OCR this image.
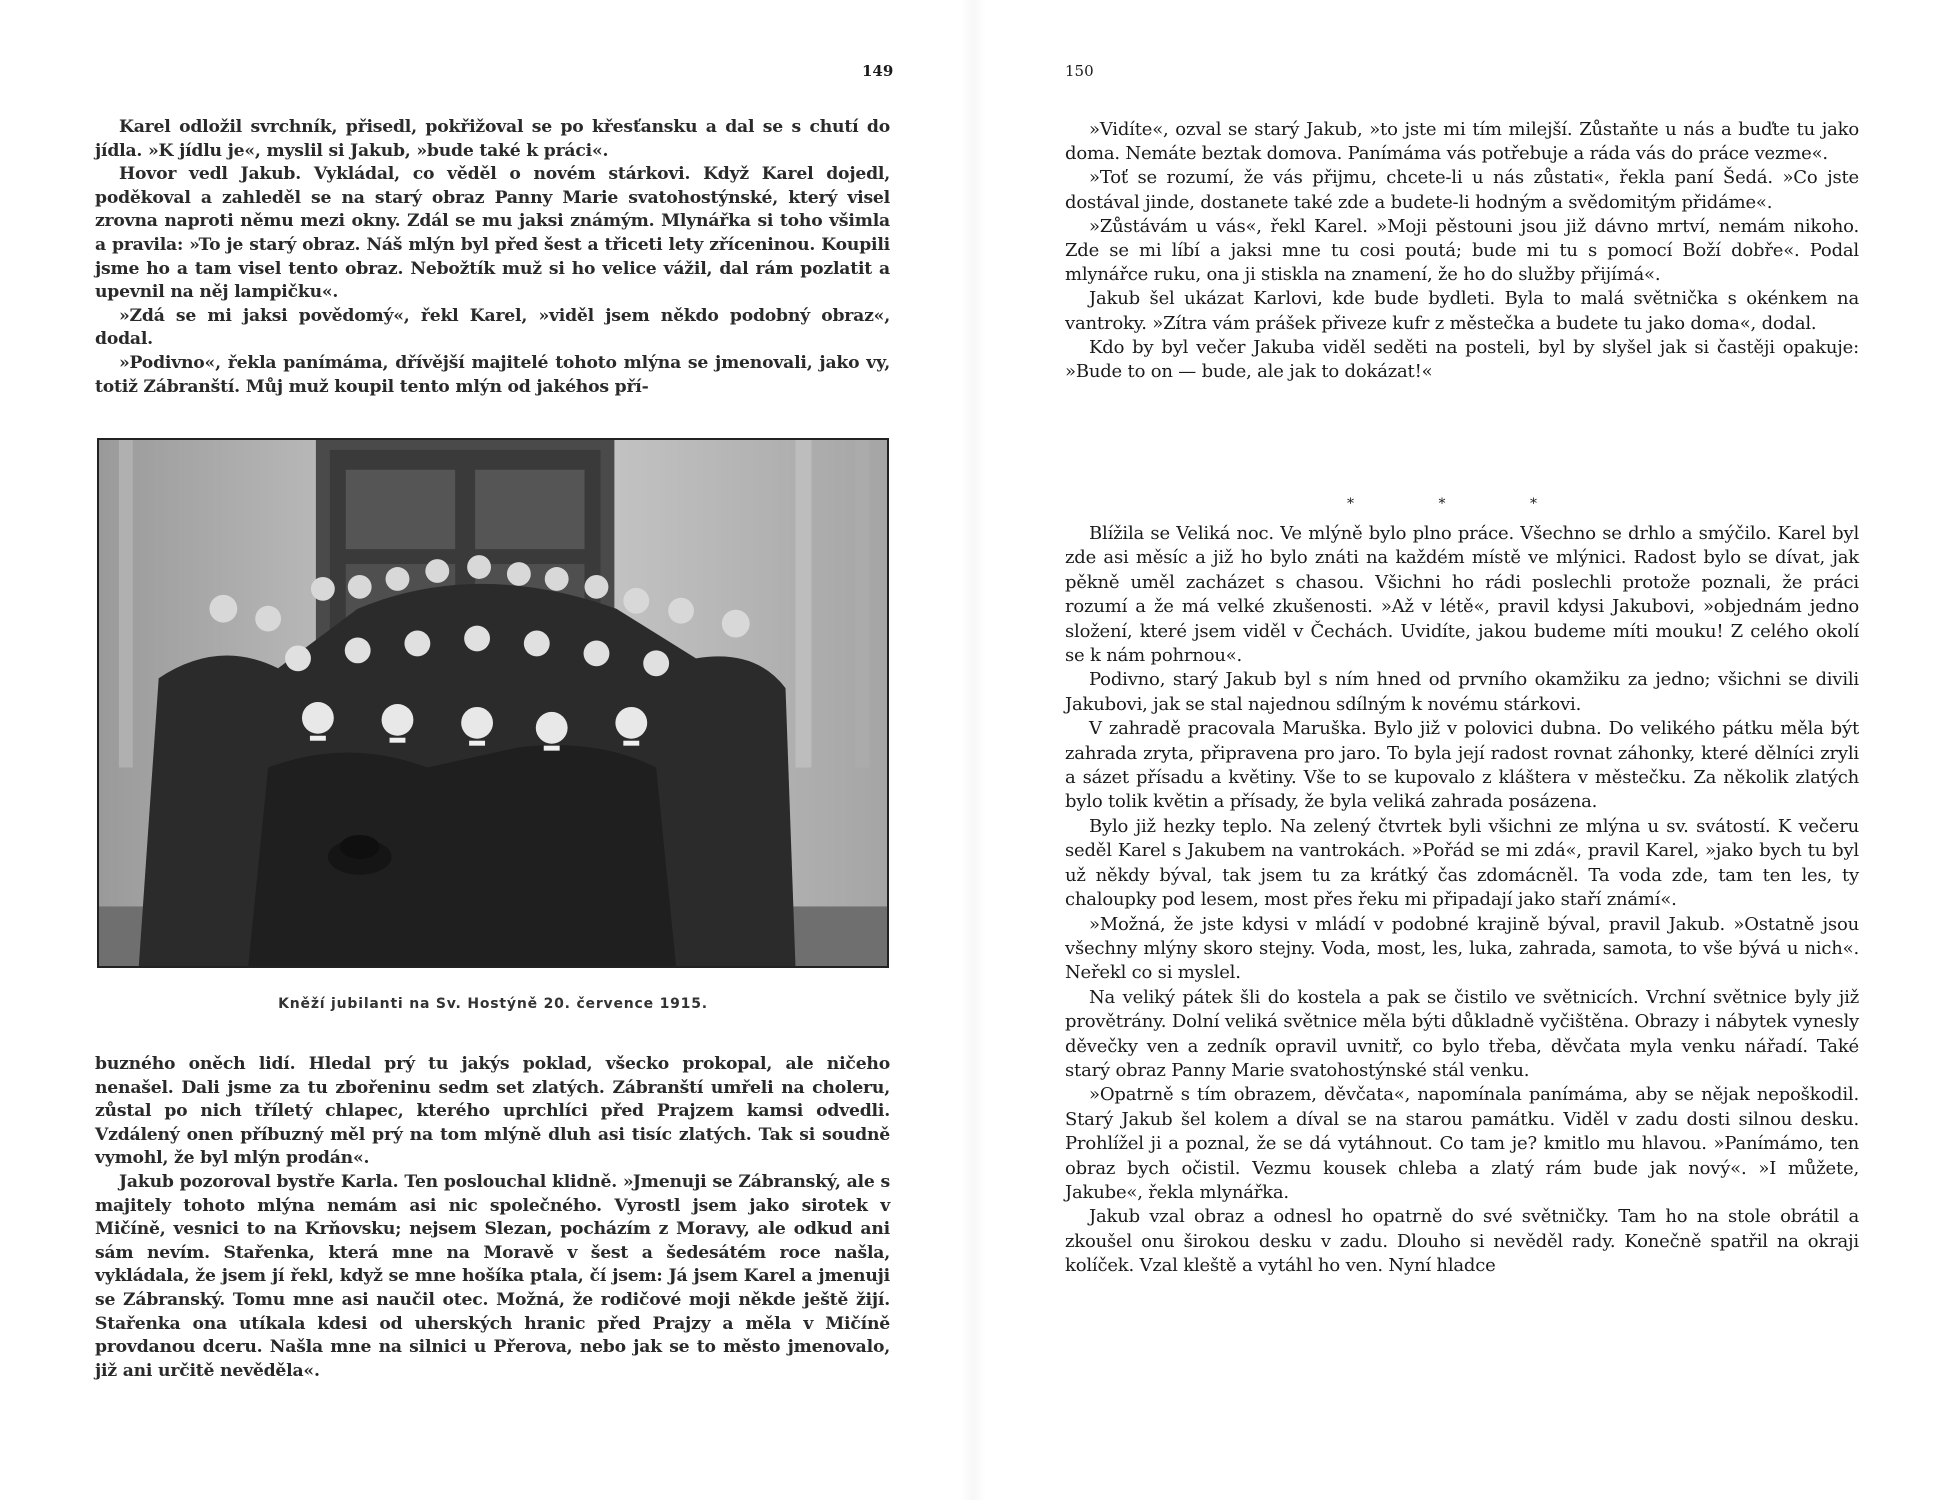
149

Karel odložil svrchník, přisedl, pokřižoval se po křesťansku a dal se s chutí do jídla. »K jídlu je«, myslil si Jakub, »bude také k práci«.

Hovor vedl Jakub. Vykládal, co věděl o novém stárkovi. Když Karel dojedl, poděkoval a zahleděl se na starý obraz Panny Marie svatohostýnské, který visel zrovna naproti němu mezi okny. Zdál se mu jaksi známým. Mlynářka si toho všimla a pravila: »To je starý obraz. Náš mlýn byl před šest a třiceti lety zříceninou. Koupili jsme ho a tam visel tento obraz. Nebožtík muž si ho velice vážil, dal rám pozlatit a upevnil na něj lampičku«.

»Zdá se mi jaksi povědomý«, řekl Karel, »viděl jsem někdo podobný obraz«, dodal.

»Podivno«, řekla panímáma, dřívější majitelé tohoto mlýna se jmenovali, jako vy, totiž Zábranští. Můj muž koupil tento mlýn od jakéhos pří-

Kněží jubilanti na Sv. Hostýně 20. července 1915.

buzného oněch lidí. Hledal prý tu jakýs poklad, všecko prokopal, ale ničeho nenašel. Dali jsme za tu zbořeninu sedm set zlatých. Zábranští umřeli na choleru, zůstal po nich tříletý chlapec, kterého uprchlíci před Prajzem kamsi odvedli. Vzdálený onen příbuzný měl prý na tom mlýně dluh asi tisíc zlatých. Tak si soudně vymohl, že byl mlýn prodán«.

Jakub pozoroval bystře Karla. Ten poslouchal klidně. »Jmenuji se Zábranský, ale s majitely tohoto mlýna nemám asi nic společného. Vyrostl jsem jako sirotek v Mičíně, vesnici to na Krňovsku; nejsem Slezan, pocházím z Moravy, ale odkud ani sám nevím. Stařenka, která mne na Moravě v šest a šedesátém roce našla, vykládala, že jsem jí řekl, když se mne hošíka ptala, čí jsem: Já jsem Karel a jmenuji se Zábranský. Tomu mne asi naučil otec. Možná, že rodičové moji někde ještě žijí. Stařenka ona utíkala kdesi od uherských hranic před Prajzy a měla v Mičíně provdanou dceru. Našla mne na silnici u Přerova, nebo jak se to město jmenovalo, již ani určitě nevěděla«.

150

»Vidíte«, ozval se starý Jakub, »to jste mi tím milejší. Zůstaňte u nás a buďte tu jako doma. Nemáte beztak domova. Panímáma vás potřebuje a ráda vás do práce vezme«.

»Toť se rozumí, že vás přijmu, chcete-li u nás zůstati«, řekla paní Šedá. »Co jste dostával jinde, dostanete také zde a budete-li hodným a svědomitým přidáme«.

»Zůstávám u vás«, řekl Karel. »Moji pěstouni jsou již dávno mrtví, nemám nikoho. Zde se mi líbí a jaksi mne tu cosi poutá; bude mi tu s pomocí Boží dobře«. Podal mlynářce ruku, ona ji stiskla na znamení, že ho do služby přijímá«.

Jakub šel ukázat Karlovi, kde bude bydleti. Byla to malá světnička s okénkem na vantroky. »Zítra vám prášek přiveze kufr z městečka a budete tu jako doma«, dodal.

Kdo by byl večer Jakuba viděl seděti na posteli, byl by slyšel jak si častěji opakuje: »Bude to on — bude, ale jak to dokázat!«

* * *

Blížila se Veliká noc. Ve mlýně bylo plno práce. Všechno se drhlo a smýčilo. Karel byl zde asi měsíc a již ho bylo znáti na každém místě ve mlýnici. Radost bylo se dívat, jak pěkně uměl zacházet s chasou. Všichni ho rádi poslechli protože poznali, že práci rozumí a že má velké zkušenosti. »Až v létě«, pravil kdysi Jakubovi, »objednám jedno složení, které jsem viděl v Čechách. Uvidíte, jakou budeme míti mouku! Z celého okolí se k nám pohrnou«.

Podivno, starý Jakub byl s ním hned od prvního okamžiku za jedno; všichni se divili Jakubovi, jak se stal najednou sdílným k novému stárkovi.

V zahradě pracovala Maruška. Bylo již v polovici dubna. Do velikého pátku měla být zahrada zryta, připravena pro jaro. To byla její radost rovnat záhonky, které dělníci zryli a sázet přísadu a květiny. Vše to se kupovalo z kláštera v městečku. Za několik zlatých bylo tolik květin a přísady, že byla veliká zahrada posázena.

Bylo již hezky teplo. Na zelený čtvrtek byli všichni ze mlýna u sv. svátostí. K večeru seděl Karel s Jakubem na vantrokách. »Pořád se mi zdá«, pravil Karel, »jako bych tu byl už někdy býval, tak jsem tu za krátký čas zdomácněl. Ta voda zde, tam ten les, ty chaloupky pod lesem, most přes řeku mi připadají jako staří známí«.

»Možná, že jste kdysi v mládí v podobné krajině býval, pravil Jakub. »Ostatně jsou všechny mlýny skoro stejny. Voda, most, les, luka, zahrada, samota, to vše bývá u nich«. Neřekl co si myslel.

Na veliký pátek šli do kostela a pak se čistilo ve světnicích. Vrchní světnice byly již provětrány. Dolní veliká světnice měla býti důkladně vyčištěna. Obrazy i nábytek vynesly děvečky ven a zedník opravil uvnitř, co bylo třeba, děvčata myla venku nářadí. Také starý obraz Panny Marie svatohostýnské stál venku.

»Opatrně s tím obrazem, děvčata«, napomínala panímáma, aby se nějak nepoškodil. Starý Jakub šel kolem a díval se na starou památku. Viděl v zadu dosti silnou desku. Prohlížel ji a poznal, že se dá vytáhnout. Co tam je? kmitlo mu hlavou. »Panímámo, ten obraz bych očistil. Vezmu kousek chleba a zlatý rám bude jak nový«. »I můžete, Jakube«, řekla mlynářka.

Jakub vzal obraz a odnesl ho opatrně do své světničky. Tam ho na stole obrátil a zkoušel onu širokou desku v zadu. Dlouho si nevěděl rady. Konečně spatřil na okraji kolíček. Vzal kleště a vytáhl ho ven. Nyní hladce
